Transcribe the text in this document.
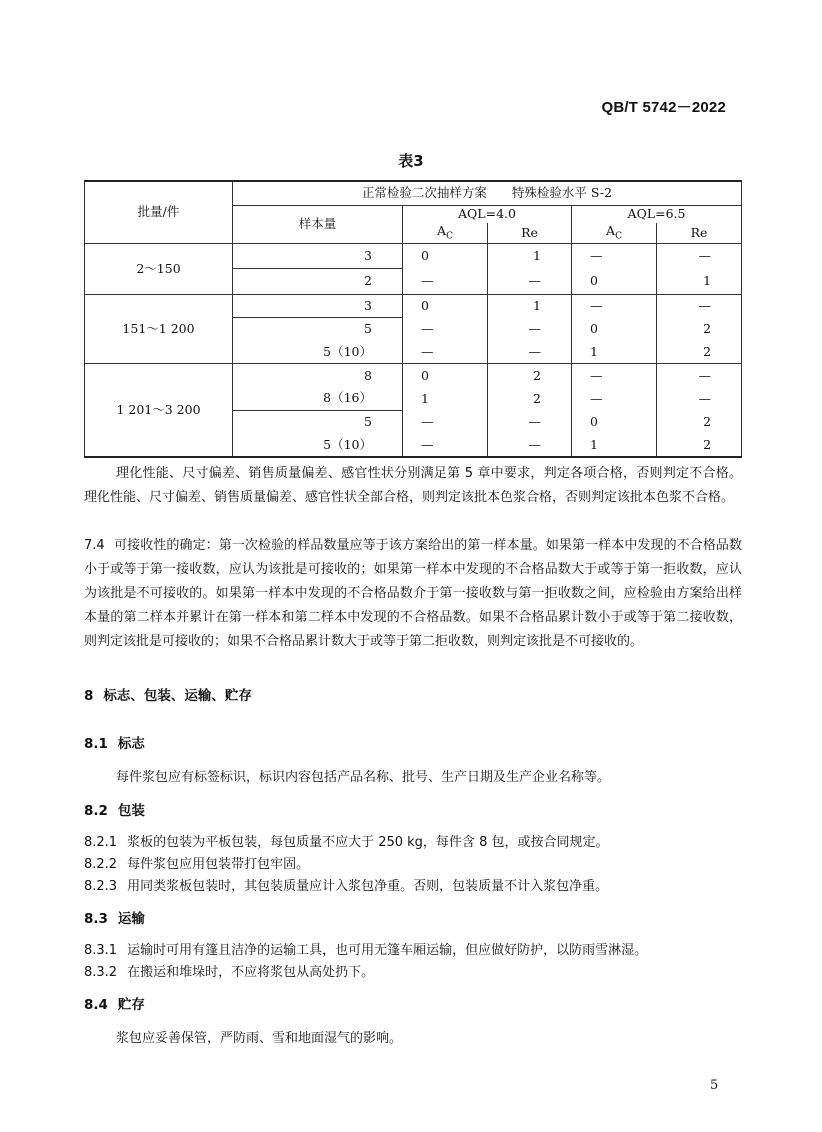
QB/T 5742－2022
表3
批量/件	正常检验二次抽样方案　　特殊检验水平 S-2				
	样本量	AQL=4.0		AQL=6.5	
		$A_C$	Re	$A_C$	Re
2～150	3	0	1	—	—
	2	—	—	0	1
151～1 200	3	0	1	—	—
	5	—	—	0	2
	5（10）	—	—	1	2
1 201～3 200	8	0	2	—	—
	8（16）	1	2	—	—
	5	—	—	0	2
	5（10）	—	—	1	2
理化性能、尺寸偏差、销售质量偏差、感官性状分别满足第 5 章中要求，判定各项合格，否则判定不合格。理化性能、尺寸偏差、销售质量偏差、感官性状全部合格，则判定该批本色浆合格，否则判定该批本色浆不合格。
7.4 可接收性的确定：第一次检验的样品数量应等于该方案给出的第一样本量。如果第一样本中发现的不合格品数小于或等于第一接收数，应认为该批是可接收的；如果第一样本中发现的不合格品数大于或等于第一拒收数，应认为该批是不可接收的。如果第一样本中发现的不合格品数介于第一接收数与第一拒收数之间，应检验由方案给出样本量的第二样本并累计在第一样本和第二样本中发现的不合格品数。如果不合格品累计数小于或等于第二接收数，则判定该批是可接收的；如果不合格品累计数大于或等于第二拒收数，则判定该批是不可接收的。
8 标志、包装、运输、贮存
8.1 标志
每件浆包应有标签标识，标识内容包括产品名称、批号、生产日期及生产企业名称等。
8.2 包装
8.2.1 浆板的包装为平板包装，每包质量不应大于 250 kg，每件含 8 包，或按合同规定。
8.2.2 每件浆包应用包装带打包牢固。
8.2.3 用同类浆板包装时，其包装质量应计入浆包净重。否则，包装质量不计入浆包净重。
8.3 运输
8.3.1 运输时可用有篷且洁净的运输工具，也可用无篷车厢运输，但应做好防护，以防雨雪淋湿。
8.3.2 在搬运和堆垛时，不应将浆包从高处扔下。
8.4 贮存
浆包应妥善保管，严防雨、雪和地面湿气的影响。
5
